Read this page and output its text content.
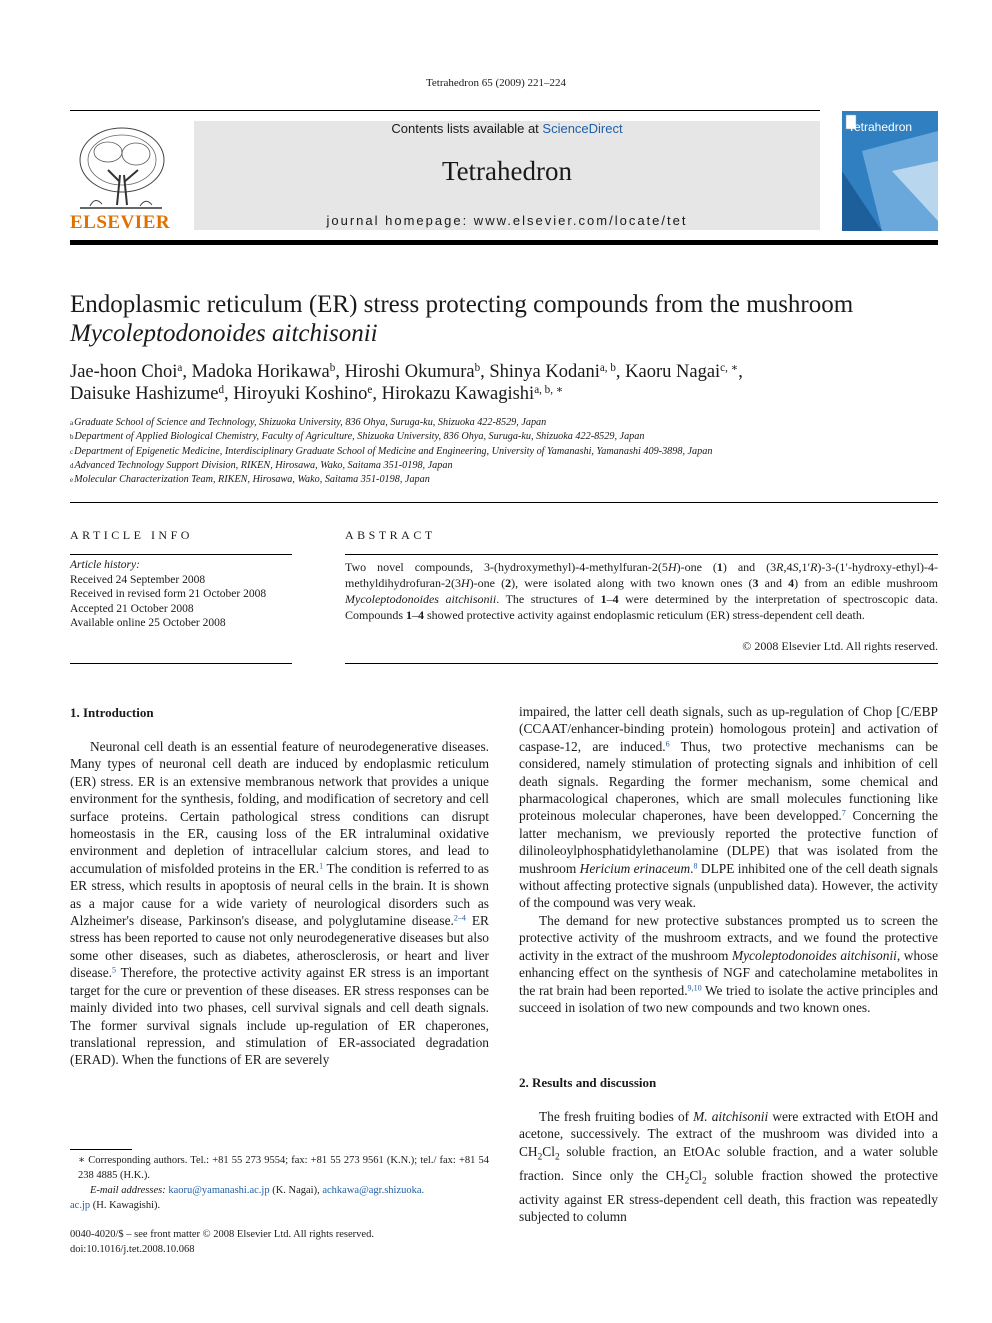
Tetrahedron 65 (2009) 221–224
ELSEVIER
Contents lists available at ScienceDirect
Tetrahedron
journal homepage: www.elsevier.com/locate/tet
Tetrahedron
Endoplasmic reticulum (ER) stress protecting compounds from the mushroom
Mycoleptodonoides aitchisonii
Jae-hoon Choi$^a$, Madoka Horikawa$^b$, Hiroshi Okumura$^b$, Shinya Kodani$^{a, b}$, Kaoru Nagai$^{c, ∗}$,
Daisuke Hashizume$^d$, Hiroyuki Koshino$^e$, Hirokazu Kawagishi$^{a, b, ∗}$
$^a$Graduate School of Science and Technology, Shizuoka University, 836 Ohya, Suruga-ku, Shizuoka 422-8529, Japan
$^b$Department of Applied Biological Chemistry, Faculty of Agriculture, Shizuoka University, 836 Ohya, Suruga-ku, Shizuoka 422-8529, Japan
$^c$Department of Epigenetic Medicine, Interdisciplinary Graduate School of Medicine and Engineering, University of Yamanashi, Yamanashi 409-3898, Japan
$^d$Advanced Technology Support Division, RIKEN, Hirosawa, Wako, Saitama 351-0198, Japan
$^e$Molecular Characterization Team, RIKEN, Hirosawa, Wako, Saitama 351-0198, Japan
ARTICLE INFO
Article history:
Received 24 September 2008
Received in revised form 21 October 2008
Accepted 21 October 2008
Available online 25 October 2008
ABSTRACT
Two novel compounds, 3-(hydroxymethyl)-4-methylfuran-2(5H)-one (1) and (3R,4S,1′R)-3-(1′-hydroxy-ethyl)-4-methyldihydrofuran-2(3H)-one (2), were isolated along with two known ones (3 and 4) from an edible mushroom Mycoleptodonoides aitchisonii. The structures of 1–4 were determined by the interpretation of spectroscopic data. Compounds 1–4 showed protective activity against endoplasmic reticulum (ER) stress-dependent cell death.
© 2008 Elsevier Ltd. All rights reserved.
1. Introduction

Neuronal cell death is an essential feature of neurodegenerative diseases. Many types of neuronal cell death are induced by endoplasmic reticulum (ER) stress. ER is an extensive membranous network that provides a unique environment for the synthesis, folding, and modification of secretory and cell surface proteins. Certain pathological stress conditions can disrupt homeostasis in the ER, causing loss of the ER intraluminal oxidative environment and depletion of intracellular calcium stores, and lead to accumulation of misfolded proteins in the ER.$^1$ The condition is referred to as ER stress, which results in apoptosis of neural cells in the brain. It is shown as a major cause for a wide variety of neurological disorders such as Alzheimer's disease, Parkinson's disease, and polyglutamine disease.$^{2-4}$ ER stress has been reported to cause not only neurodegenerative diseases but also some other diseases, such as diabetes, atherosclerosis, or heart and liver disease.$^5$ Therefore, the protective activity against ER stress is an important target for the cure or prevention of these diseases. ER stress responses can be mainly divided into two phases, cell survival signals and cell death signals. The former survival signals include up-regulation of ER chaperones, translational repression, and stimulation of ER-associated degradation (ERAD). When the functions of ER are severely

∗ Corresponding authors. Tel.: +81 55 273 9554; fax: +81 55 273 9561 (K.N.); tel./ fax: +81 54 238 4885 (H.K.).
E-mail addresses: kaoru@yamanashi.ac.jp (K. Nagai), achkawa@agr.shizuoka.
ac.jp (H. Kawagishi).
0040-4020/$ – see front matter © 2008 Elsevier Ltd. All rights reserved.
doi:10.1016/j.tet.2008.10.068

impaired, the latter cell death signals, such as up-regulation of Chop [C/EBP (CCAAT/enhancer-binding protein) homologous protein] and activation of caspase-12, are induced.$^6$ Thus, two protective mechanisms can be considered, namely stimulation of protecting signals and inhibition of cell death signals. Regarding the former mechanism, some chemical and pharmacological chaperones, which are small molecules functioning like proteinous molecular chaperones, have been developped.$^7$ Concerning the latter mechanism, we previously reported the protective function of dilinoleoylphosphatidylethanolamine (DLPE) that was isolated from the mushroom Hericium erinaceum.$^8$ DLPE inhibited one of the cell death signals without affecting protective signals (unpublished data). However, the activity of the compound was very weak.

The demand for new protective substances prompted us to screen the protective activity of the mushroom extracts, and we found the protective activity in the extract of the mushroom Mycoleptodonoides aitchisonii, whose enhancing effect on the synthesis of NGF and catecholamine metabolites in the rat brain had been reported.$^{9,10}$ We tried to isolate the active principles and succeed in isolation of two new compounds and two known ones.

2. Results and discussion

The fresh fruiting bodies of M. aitchisonii were extracted with EtOH and acetone, successively. The extract of the mushroom was divided into a $CH_2Cl_2$ soluble fraction, an EtOAc soluble fraction, and a water soluble fraction. Since only the $CH_2Cl_2$ soluble fraction showed the protective activity against ER stress-dependent cell death, this fraction was repeatedly subjected to column
